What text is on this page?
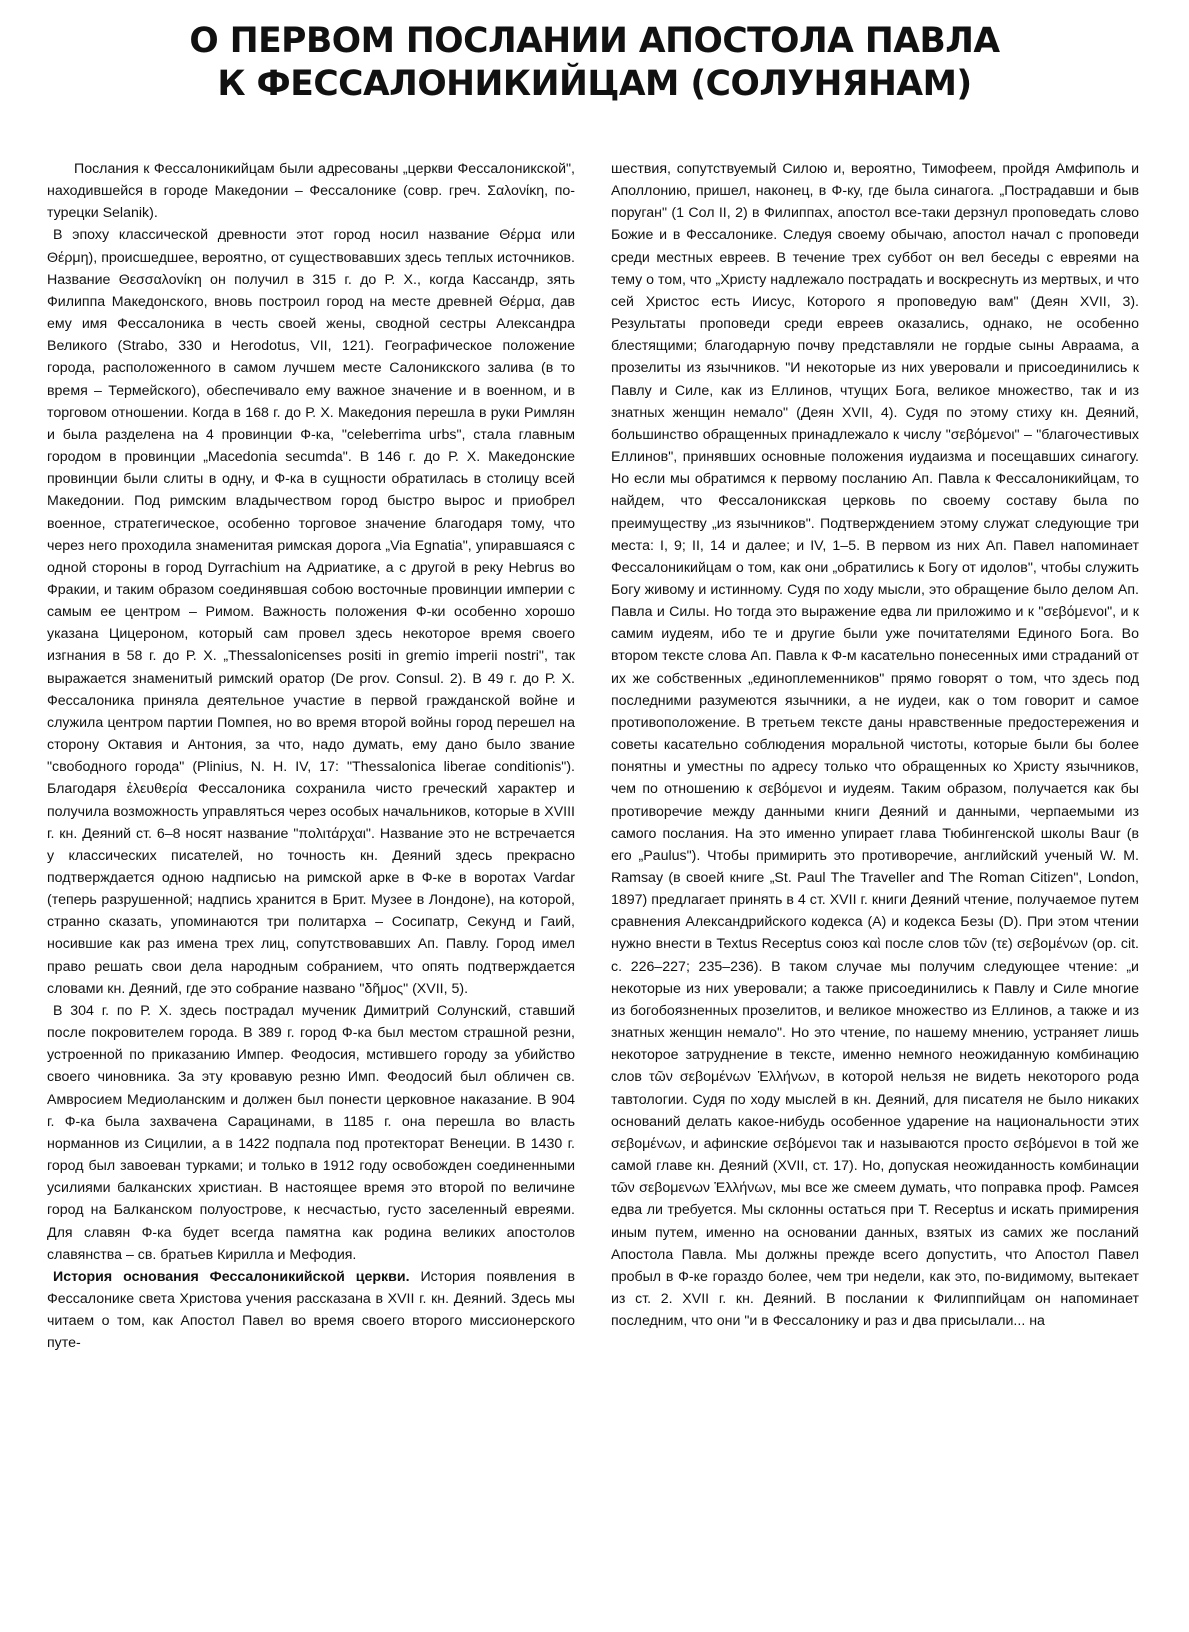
О ПЕРВОМ ПОСЛАНИИ АПОСТОЛА ПАВЛА
К ФЕССАЛОНИКИЙЦАМ (СОЛУНЯНАМ)

Послания к Фессалоникийцам были адресованы „церкви Фессалоникской", находившейся в городе Македонии – Фессалонике (совр. греч. Σαλονίκη, по-турецки Selanik).

В эпоху классической древности этот город носил название Θέρμα или Θέρμη), происшедшее, вероятно, от существовавших здесь теплых источников. Название Θεσσαλονίκη он получил в 315 г. до Р. Х., когда Кассандр, зять Филиппа Македонского, вновь построил город на месте древней Θέρμα, дав ему имя Фессалоника в честь своей жены, сводной сестры Александра Великого (Strabo, 330 и Herodotus, VII, 121). Географическое положение города, расположенного в самом лучшем месте Салоникского залива (в то время – Термейского), обеспечивало ему важное значение и в военном, и в торговом отношении. Когда в 168 г. до Р. Х. Македония перешла в руки Римлян и была разделена на 4 провинции Ф-ка, "celeberrima urbs", стала главным городом в провинции „Macedonia secumda". В 146 г. до Р. Х. Македонские провинции были слиты в одну, и Ф-ка в сущности обратилась в столицу всей Македонии. Под римским владычеством город быстро вырос и приобрел военное, стратегическое, особенно торговое значение благодаря тому, что через него проходила знаменитая римская дорога „Via Egnatia", упиравшаяся с одной стороны в город Dyrrachium на Адриатике, а с другой в реку Hebrus во Фракии, и таким образом соединявшая собою восточные провинции империи с самым ее центром – Римом. Важность положения Ф-ки особенно хорошо указана Цицероном, который сам провел здесь некоторое время своего изгнания в 58 г. до Р. Х. „Thessalonicenses positi in gremio imperii nostri", так выражается знаменитый римский оратор (De prov. Consul. 2). В 49 г. до Р. Х. Фессалоника приняла деятельное участие в первой гражданской войне и служила центром партии Помпея, но во время второй войны город перешел на сторону Октавия и Антония, за что, надо думать, ему дано было звание "свободного города" (Plinius, N. H. IV, 17: "Thessalonica liberae conditionis"). Благодаря ἐλευθερία Фессалоника сохранила чисто греческий характер и получила возможность управляться через особых начальников, которые в XVIII г. кн. Деяний ст. 6–8 носят название "πολιτάρχαι". Название это не встречается у классических писателей, но точность кн. Деяний здесь прекрасно подтверждается одною надписью на римской арке в Ф-ке в воротах Vardar (теперь разрушенной; надпись хранится в Брит. Музее в Лондоне), на которой, странно сказать, упоминаются три политарха – Сосипатр, Секунд и Гаий, носившие как раз имена трех лиц, сопутствовавших Ап. Павлу. Город имел право решать свои дела народным собранием, что опять подтверждается словами кн. Деяний, где это собрание названо "δῆμος" (XVII, 5).

В 304 г. по Р. Х. здесь пострадал мученик Димитрий Солунский, ставший после покровителем города. В 389 г. город Ф-ка был местом страшной резни, устроенной по приказанию Импер. Феодосия, мстившего городу за убийство своего чиновника. За эту кровавую резню Имп. Феодосий был обличен св. Амвросием Медиоланским и должен был понести церковное наказание. В 904 г. Ф-ка была захвачена Сарацинами, в 1185 г. она перешла во власть норманнов из Сицилии, а в 1422 подпала под протекторат Венеции. В 1430 г. город был завоеван турками; и только в 1912 году освобожден соединенными усилиями балканских христиан. В настоящее время это второй по величине город на Балканском полуострове, к несчастью, густо заселенный евреями. Для славян Ф-ка будет всегда памятна как родина великих апостолов славянства – св. братьев Кирилла и Мефодия.

История основания Фессалоникийской церкви. История появления в Фессалонике света Христова учения рассказана в XVII г. кн. Деяний. Здесь мы читаем о том, как Апостол Павел во время своего второго миссионерского путе-

шествия, сопутствуемый Силою и, вероятно, Тимофеем, пройдя Амфиполь и Аполлонию, пришел, наконец, в Ф-ку, где была синагога. „Пострадавши и быв поруган" (1 Сол II, 2) в Филиппах, апостол все-таки дерзнул проповедать слово Божие и в Фессалонике. Следуя своему обычаю, апостол начал с проповеди среди местных евреев. В течение трех суббот он вел беседы с евреями на тему о том, что „Христу надлежало пострадать и воскреснуть из мертвых, и что сей Христос есть Иисус, Которого я проповедую вам" (Деян XVII, 3). Результаты проповеди среди евреев оказались, однако, не особенно блестящими; благодарную почву представляли не гордые сыны Авраама, а прозелиты из язычников. "И некоторые из них уверовали и присоединились к Павлу и Силе, как из Еллинов, чтущих Бога, великое множество, так и из знатных женщин немало" (Деян XVII, 4). Судя по этому стиху кн. Деяний, большинство обращенных принадлежало к числу "σεβόμενοι" – "благочестивых Еллинов", принявших основные положения иудаизма и посещавших синагогу. Но если мы обратимся к первому посланию Ап. Павла к Фессалоникийцам, то найдем, что Фессалоникская церковь по своему составу была по преимуществу „из язычников". Подтверждением этому служат следующие три места: I, 9; II, 14 и далее; и IV, 1–5. В первом из них Ап. Павел напоминает Фессалоникийцам о том, как они „обратились к Богу от идолов", чтобы служить Богу живому и истинному. Судя по ходу мысли, это обращение было делом Ап. Павла и Силы. Но тогда это выражение едва ли приложимо и к "σεβόμενοι", и к самим иудеям, ибо те и другие были уже почитателями Единого Бога. Во втором тексте слова Ап. Павла к Ф-м касательно понесенных ими страданий от их же собственных „единоплеменников" прямо говорят о том, что здесь под последними разумеются язычники, а не иудеи, как о том говорит и самое противоположение. В третьем тексте даны нравственные предостережения и советы касательно соблюдения моральной чистоты, которые были бы более понятны и уместны по адресу только что обращенных ко Христу язычников, чем по отношению к σεβόμενοι и иудеям. Таким образом, получается как бы противоречие между данными книги Деяний и данными, черпаемыми из самого послания. На это именно упирает глава Тюбингенской школы Baur (в его „Paulus"). Чтобы примирить это противоречие, английский ученый W. M. Ramsay (в своей книге „St. Paul The Traveller and The Roman Citizen", London, 1897) предлагает принять в 4 ст. XVII г. книги Деяний чтение, получаемое путем сравнения Александрийского кодекса (A) и кодекса Безы (D). При этом чтении нужно внести в Textus Receptus союз καὶ после слов τῶν (τε) σεβομένων (op. cit. c. 226–227; 235–236). В таком случае мы получим следующее чтение: „и некоторые из них уверовали; а также присоединились к Павлу и Силе многие из богобоязненных прозелитов, и великое множество из Еллинов, а также и из знатных женщин немало". Но это чтение, по нашему мнению, устраняет лишь некоторое затруднение в тексте, именно немного неожиданную комбинацию слов τῶν σεβομένων Ἑλλήνων, в которой нельзя не видеть некоторого рода тавтологии. Судя по ходу мыслей в кн. Деяний, для писателя не было никаких оснований делать какое-нибудь особенное ударение на национальности этих σεβομένων, и афинские σεβόμενοι так и называются просто σεβόμενοι в той же самой главе кн. Деяний (XVII, ст. 17). Но, допуская неожиданность комбинации τῶν σεβομενων Ἑλλήνων, мы все же смеем думать, что поправка проф. Рамсея едва ли требуется. Мы склонны остаться при T. Receptus и искать примирения иным путем, именно на основании данных, взятых из самих же посланий Апостола Павла. Мы должны прежде всего допустить, что Апостол Павел пробыл в Ф-ке гораздо более, чем три недели, как это, по-видимому, вытекает из ст. 2. XVII г. кн. Деяний. В послании к Филиппийцам он напоминает последним, что они "и в Фессалонику и раз и два присылали... на
